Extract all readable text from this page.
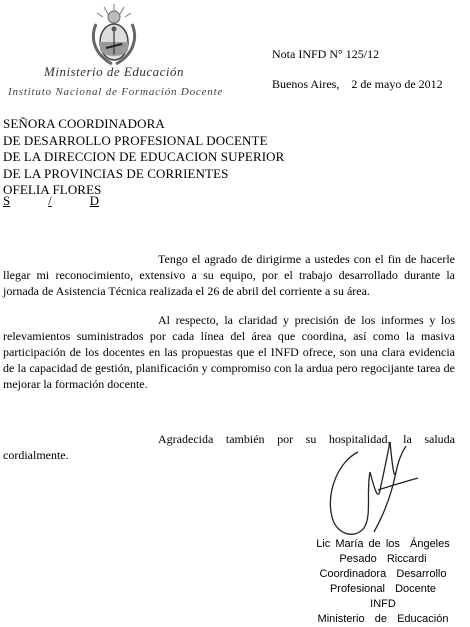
Ministerio de Educación
Instituto Nacional de Formación Docente
Nota INFD N° 125/12
Buenos Aires,    2 de mayo de 2012
SEÑORA COORDINADORA
DE DESARROLLO PROFESIONAL DOCENTE
DE LA DIRECCION DE EDUCACION SUPERIOR
DE LA PROVINCIAS DE CORRIENTES
OFELIA FLORES
S	/	D

Tengo el agrado de dirigirme a ustedes con el fin de hacerle llegar mi reconocimiento, extensivo a su equipo, por el trabajo desarrollado durante la jornada de Asistencia Técnica realizada el 26 de abril del corriente a su área.

Al respecto, la claridad y precisión de los informes y los relevamientos suministrados por cada línea del área que coordina, así como la masiva participación de los docentes en las propuestas que el INFD ofrece, son una clara evidencia de la capacidad de gestión, planificación y compromiso con la ardua pero regocijante tarea de mejorar la formación docente.

Agradecida también por su hospitalidad, la saluda cordialmente.

Lic María de los  Ángeles
Pesado  Riccardi
Coordinadora  Desarrollo
Profesional  Docente
INFD
Ministerio  de  Educación
